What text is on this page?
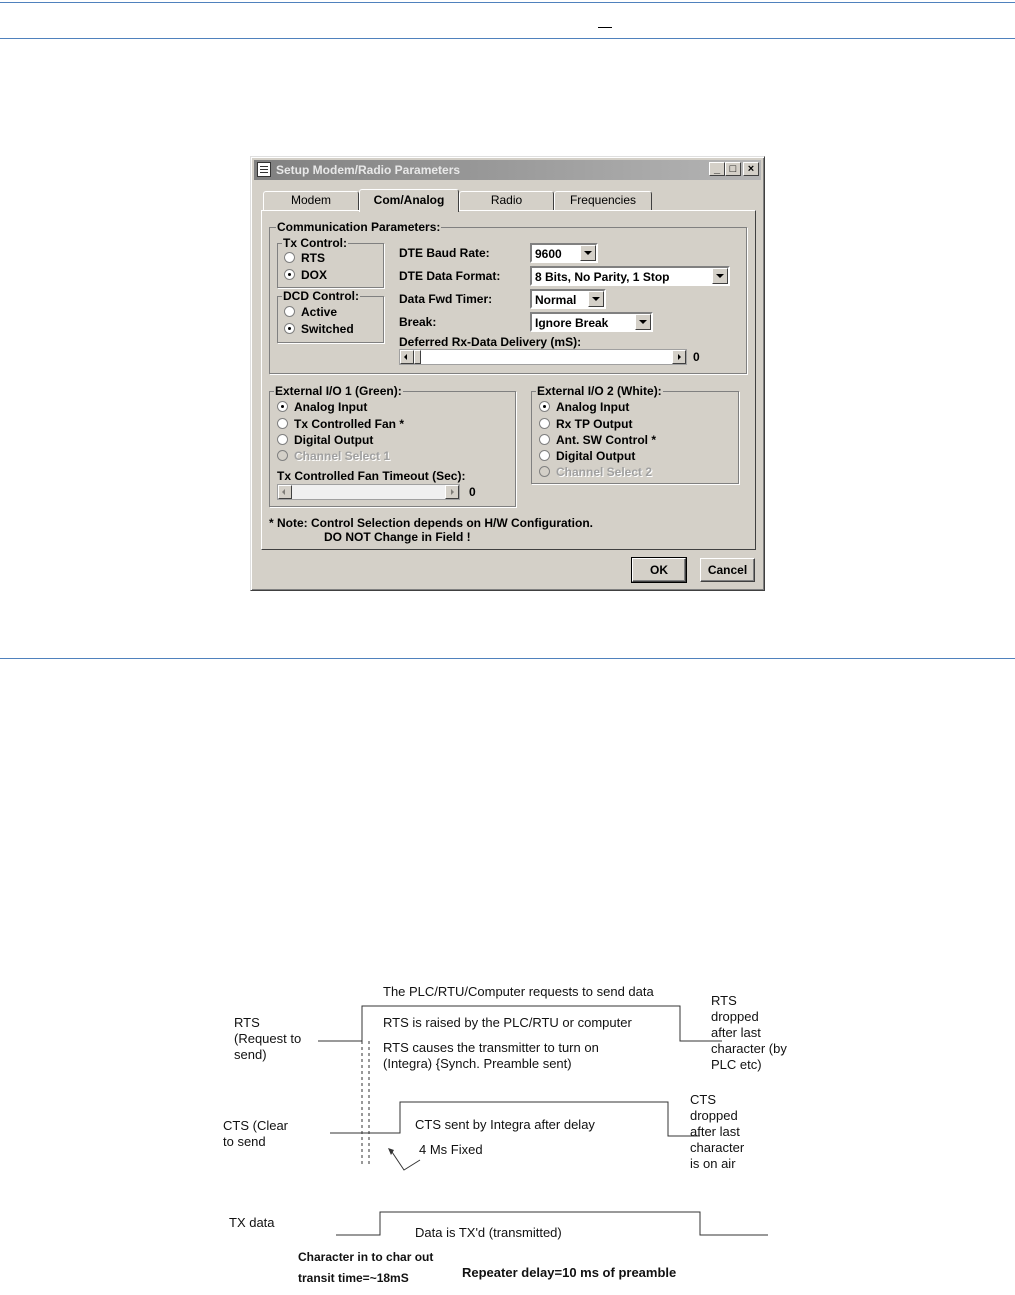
Setup Modem/Radio Parameters	_ □	×
Modem	Com/Analog	Radio	Frequencies
Communication Parameters:
Tx Control:
RTS
DOX
DCD Control:
Active
Switched
DTE Baud Rate:	9600
DTE Data Format:	8 Bits, No Parity, 1 Stop
Data Fwd Timer:	Normal
Break:	Ignore Break
Deferred Rx-Data Delivery (mS):
0
External I/O 1 (Green):
Analog Input
Tx Controlled Fan *
Digital Output
Channel Select 1
Tx Controlled Fan Timeout (Sec):
0
External I/O 2 (White):
Analog Input
Rx TP Output
Ant. SW Control *
Digital Output
Channel Select 2
* Note: Control Selection depends on H/W Configuration.
DO NOT Change in Field !
OK	Cancel
The PLC/RTU/Computer requests to send data
RTS
(Request to
send)
RTS is raised by the PLC/RTU or computer
RTS causes the transmitter to turn on
(Integra) {Synch. Preamble sent)
RTS
dropped
after last
character (by
PLC etc)
CTS (Clear
to send
CTS sent by Integra after delay
4 Ms Fixed
CTS
dropped
after last
character
is on air
TX data
Data is TX'd (transmitted)
Character in to char out
transit time=~18mS	Repeater delay=10 ms of preamble
